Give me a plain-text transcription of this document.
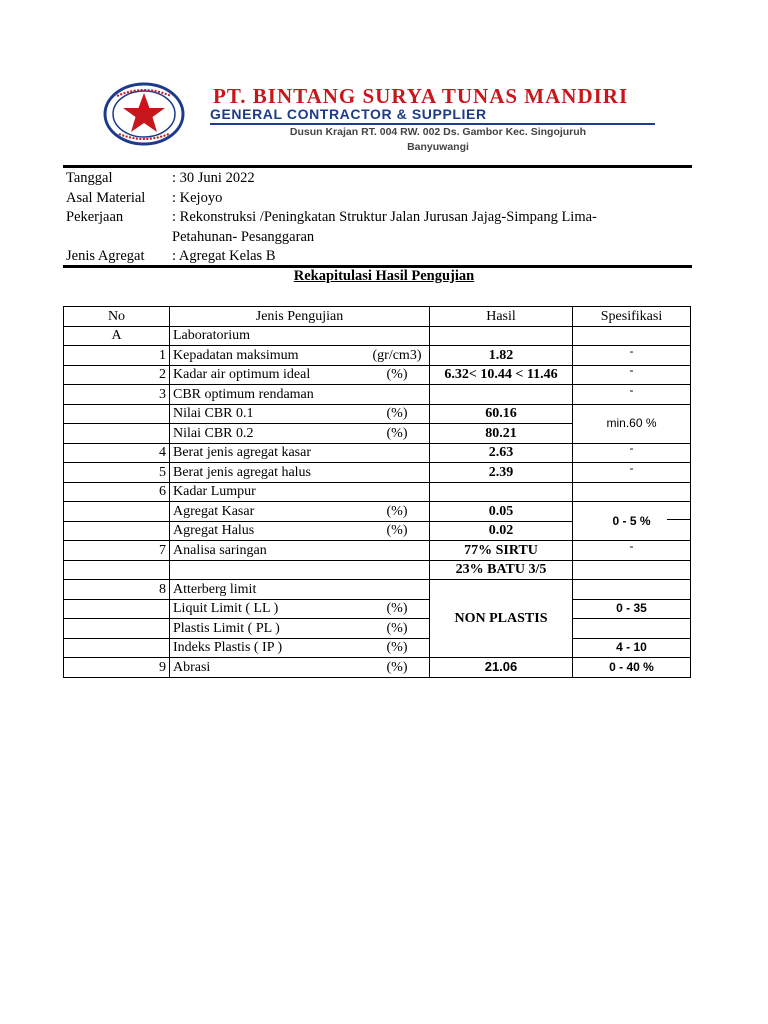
PT. BINTANG SURYA TUNAS MANDIRI
GENERAL CONTRACTOR & SUPPLIER
Dusun Krajan RT. 004 RW. 002 Ds. Gambor Kec. Singojuruh
Banyuwangi
Tanggal	: 30 Juni 2022
Asal Material	: Kejoyo
Pekerjaan	: Rekonstruksi /Peningkatan Struktur Jalan Jurusan Jajag-Simpang Lima-
Petahunan- Pesanggaran
Jenis Agregat	: Agregat Kelas B
Rekapitulasi Hasil Pengujian
No	Jenis Pengujian	Hasil	Spesifikasi
A	Laboratorium		
1	Kepadatan maksimum (gr/cm3)	1.82	-
2	Kadar air optimum ideal (%)	6.32< 10.44 < 11.46	-
3	CBR optimum rendaman		-

	Nilai CBR 0.1 (%)	60.16	min.60 %

	Nilai CBR 0.2 (%)	80.21	
4	Berat jenis agregat kasar	2.63	-
5	Berat jenis agregat halus	2.39	-
6	Kadar Lumpur		

	Agregat Kasar (%)	0.05	0 - 5 %

	Agregat Halus (%)	0.02	
7	Analisa saringan	77% SIRTU	-
		23% BATU 3/5	
8	Atterberg limit	NON PLASTIS	

	Liquit Limit ( LL ) (%)		0 - 35

	Plastis Limit ( PL ) (%)		

	Indeks Plastis ( IP ) (%)		4 - 10
9	Abrasi (%)	21.06	0 - 40 %
